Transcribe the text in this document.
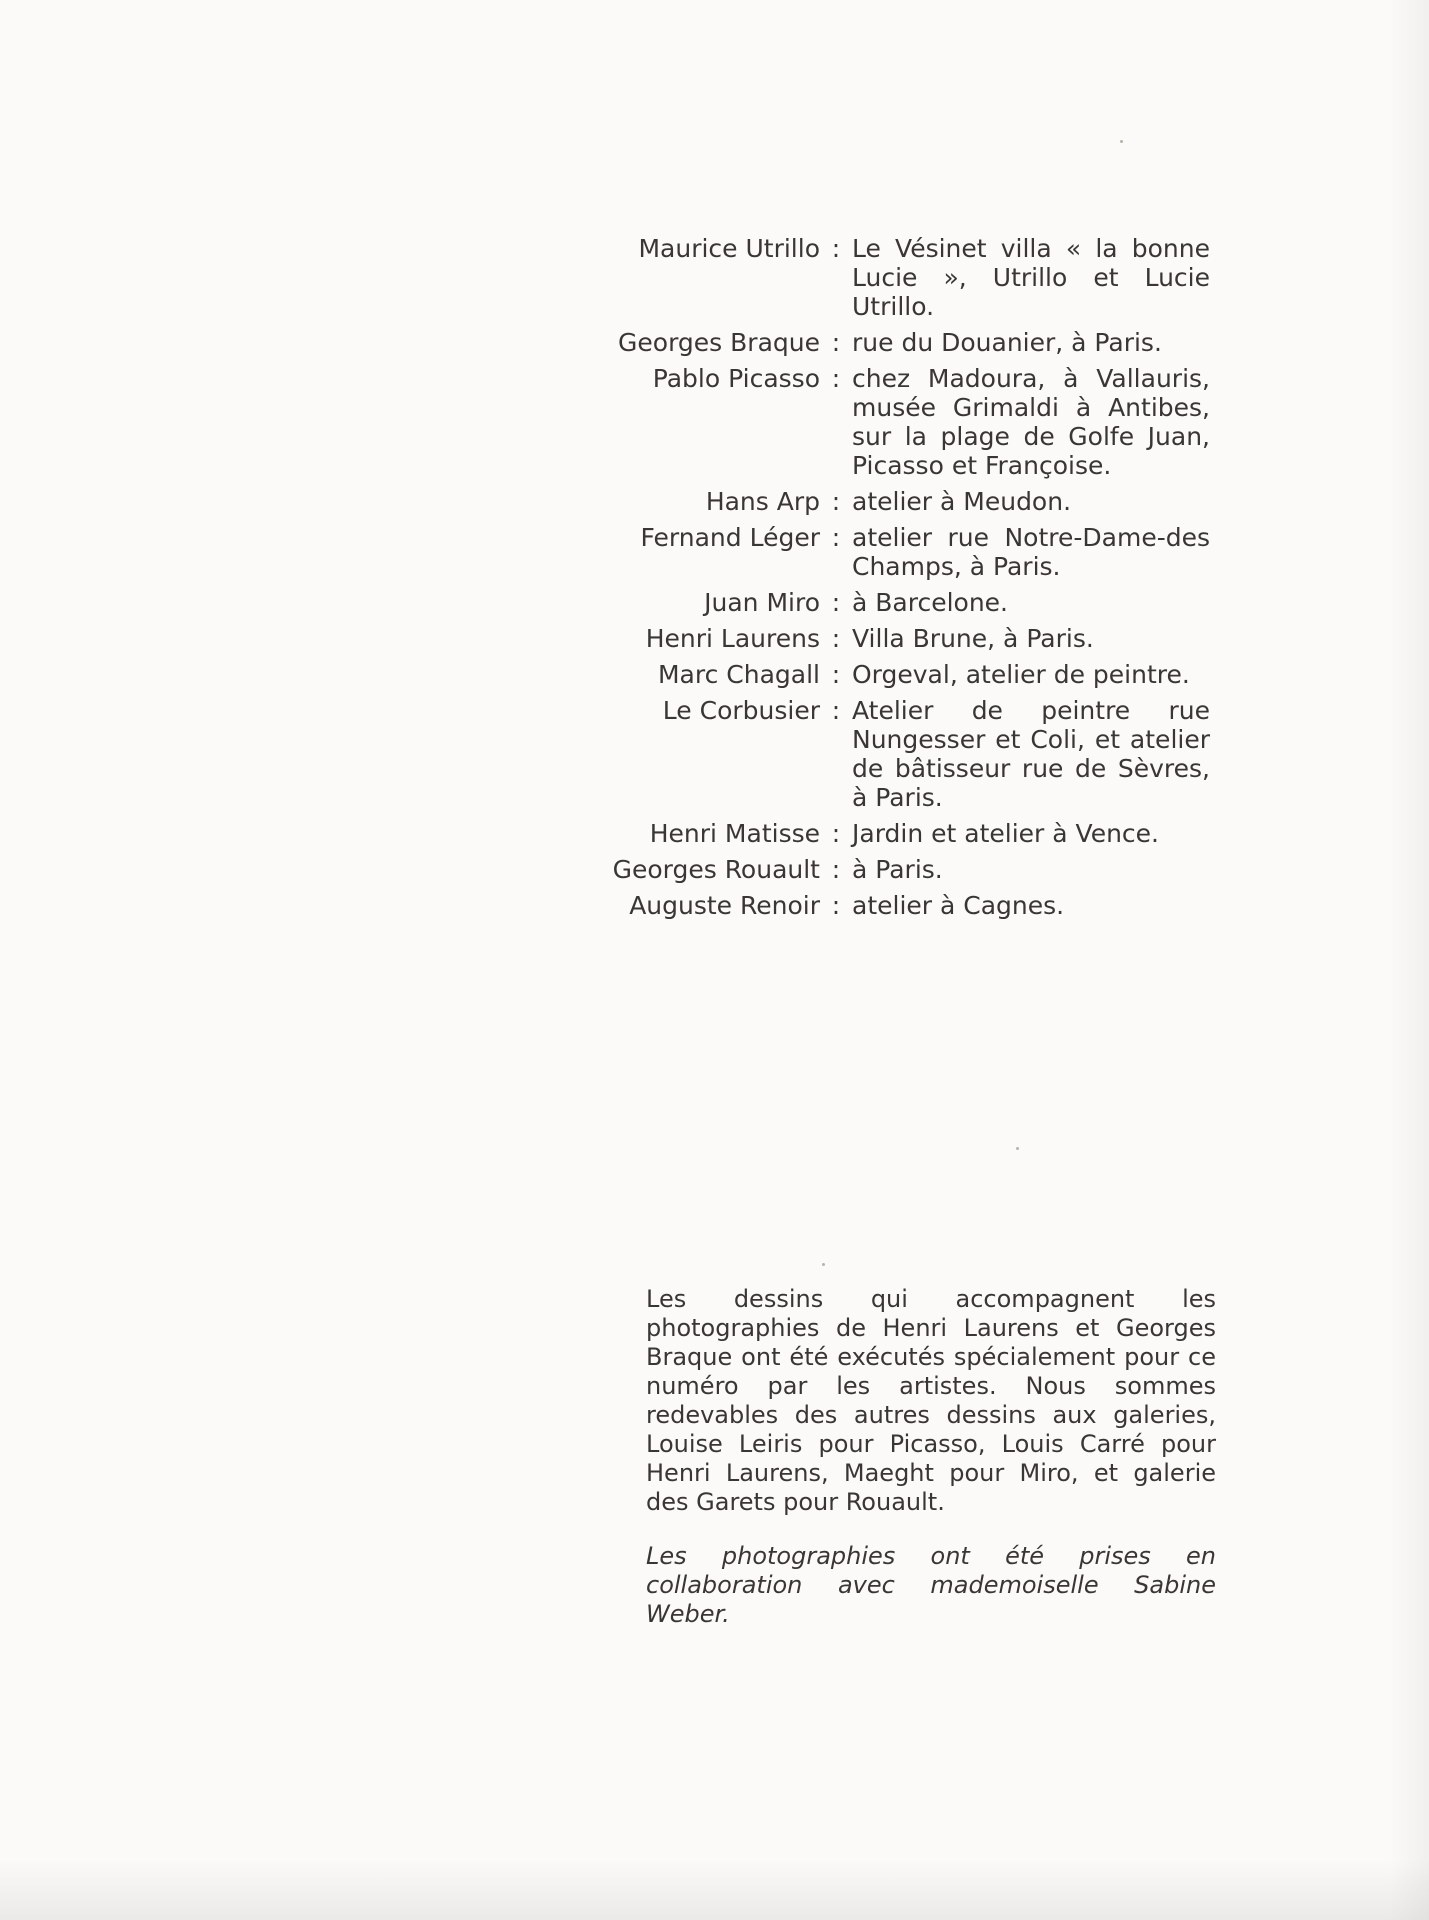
Maurice Utrillo : Le Vésinet villa « la bonne Lucie », Utrillo et Lucie Utrillo.
Georges Braque : rue du Douanier, à Paris.
Pablo Picasso : chez Madoura, à Vallauris, musée Grimaldi à Antibes, sur la plage de Golfe Juan, Picasso et Françoise.
Hans Arp : atelier à Meudon.
Fernand Léger : atelier rue Notre-Dame-des Champs, à Paris.
Juan Miro : à Barcelone.
Henri Laurens : Villa Brune, à Paris.
Marc Chagall : Orgeval, atelier de peintre.
Le Corbusier : Atelier de peintre rue Nungesser et Coli, et atelier de bâtisseur rue de Sèvres, à Paris.
Henri Matisse : Jardin et atelier à Vence.
Georges Rouault : à Paris.
Auguste Renoir : atelier à Cagnes.

Les dessins qui accompagnent les photographies de Henri Laurens et Georges Braque ont été exécutés spécialement pour ce numéro par les artistes. Nous sommes redevables des autres dessins aux galeries, Louise Leiris pour Picasso, Louis Carré pour Henri Laurens, Maeght pour Miro, et galerie des Garets pour Rouault.

Les photographies ont été prises en collaboration avec mademoiselle Sabine Weber.
